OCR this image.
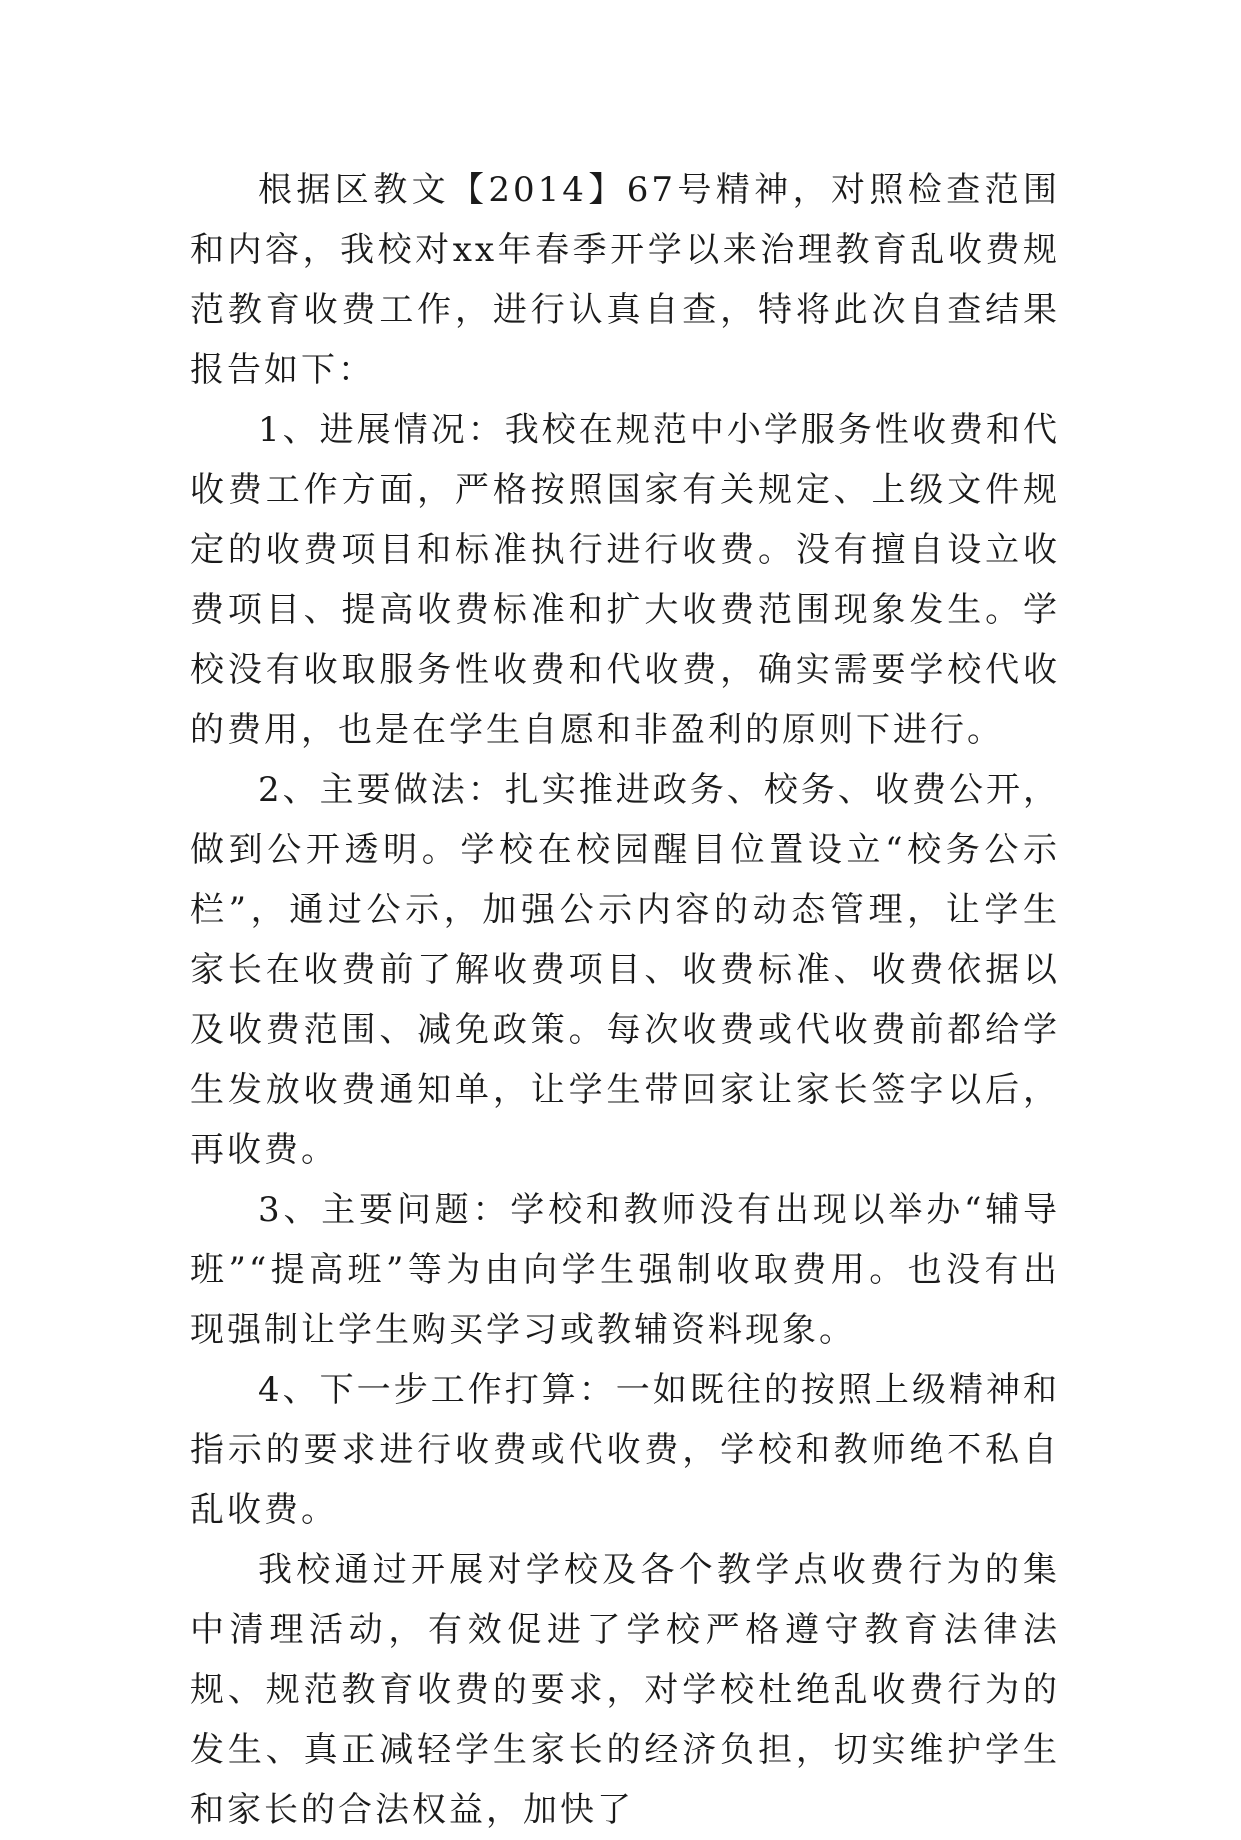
根据区教文【2014】67号精神，对照检查范围和内容，我校对xx年春季开学以来治理教育乱收费规范教育收费工作，进行认真自查，特将此次自查结果报告如下：

1、进展情况：我校在规范中小学服务性收费和代收费工作方面，严格按照国家有关规定、上级文件规定的收费项目和标准执行进行收费。没有擅自设立收费项目、提高收费标准和扩大收费范围现象发生。学校没有收取服务性收费和代收费，确实需要学校代收的费用，也是在学生自愿和非盈利的原则下进行。

2、主要做法：扎实推进政务、校务、收费公开，做到公开透明。学校在校园醒目位置设立“校务公示栏”，通过公示，加强公示内容的动态管理，让学生家长在收费前了解收费项目、收费标准、收费依据以及收费范围、减免政策。每次收费或代收费前都给学生发放收费通知单，让学生带回家让家长签字以后，再收费。

3、主要问题：学校和教师没有出现以举办“辅导班”“提高班”等为由向学生强制收取费用。也没有出现强制让学生购买学习或教辅资料现象。

4、下一步工作打算：一如既往的按照上级精神和指示的要求进行收费或代收费，学校和教师绝不私自乱收费。

我校通过开展对学校及各个教学点收费行为的集中清理活动，有效促进了学校严格遵守教育法律法规、规范教育收费的要求，对学校杜绝乱收费行为的发生、真正减轻学生家长的经济负担，切实维护学生和家长的合法权益，加快了
